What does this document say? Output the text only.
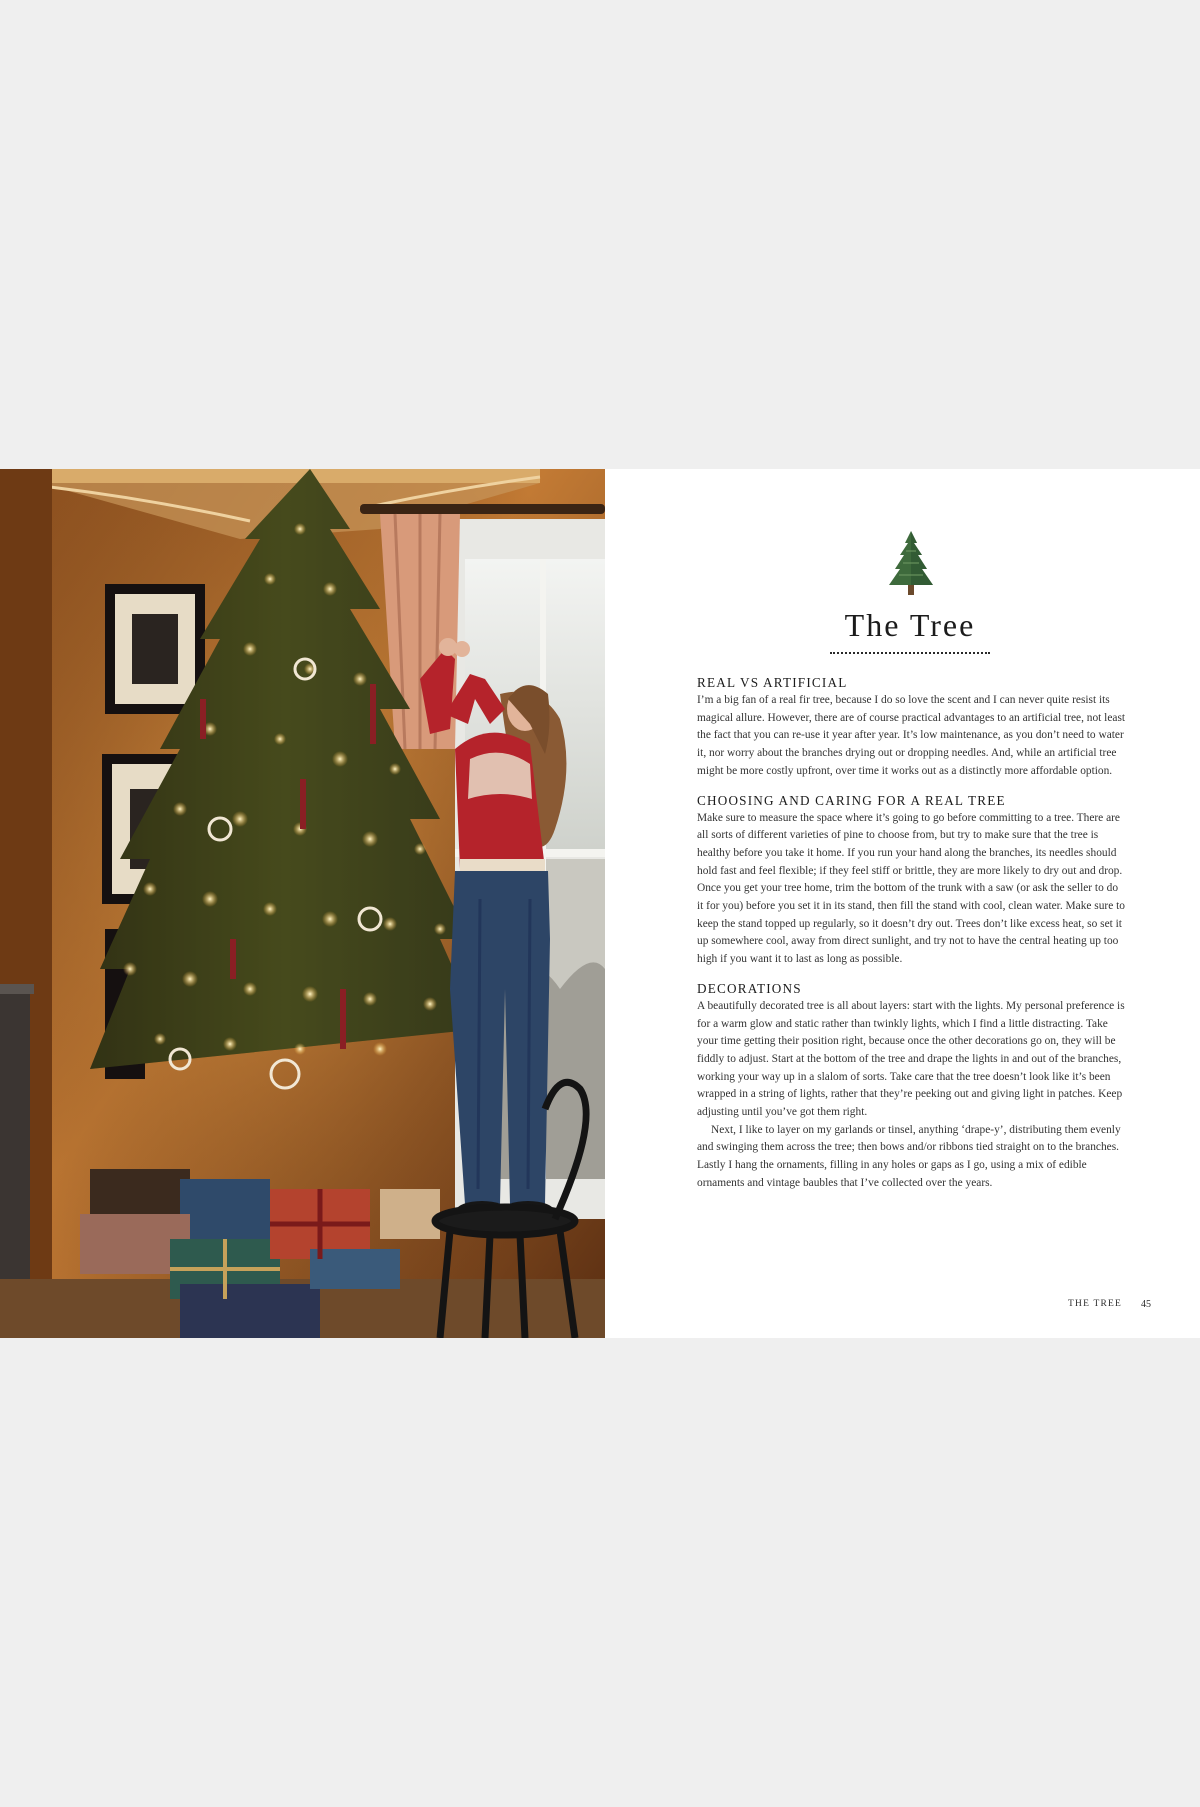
The Tree
REAL VS ARTIFICIAL

I’m a big fan of a real fir tree, because I do so love the scent and I can never quite resist its magical allure. However, there are of course practical advantages to an artificial tree, not least the fact that you can re-use it year after year. It’s low maintenance, as you don’t need to water it, nor worry about the branches drying out or dropping needles. And, while an artificial tree might be more costly upfront, over time it works out as a distinctly more affordable option.

CHOOSING AND CARING FOR A REAL TREE

Make sure to measure the space where it’s going to go before committing to a tree. There are all sorts of different varieties of pine to choose from, but try to make sure that the tree is healthy before you take it home. If you run your hand along the branches, its needles should hold fast and feel flexible; if they feel stiff or brittle, they are more likely to dry out and drop. Once you get your tree home, trim the bottom of the trunk with a saw (or ask the seller to do it for you) before you set it in its stand, then fill the stand with cool, clean water. Make sure to keep the stand topped up regularly, so it doesn’t dry out. Trees don’t like excess heat, so set it up somewhere cool, away from direct sunlight, and try not to have the central heating up too high if you want it to last as long as possible.

DECORATIONS

A beautifully decorated tree is all about layers: start with the lights. My personal preference is for a warm glow and static rather than twinkly lights, which I find a little distracting. Take your time getting their position right, because once the other decorations go on, they will be fiddly to adjust. Start at the bottom of the tree and drape the lights in and out of the branches, working your way up in a slalom of sorts. Take care that the tree doesn’t look like it’s been wrapped in a string of lights, rather that they’re peeking out and giving light in patches. Keep adjusting until you’ve got them right.

Next, I like to layer on my garlands or tinsel, anything ‘drape-y’, distributing them evenly and swinging them across the tree; then bows and/or ribbons tied straight on to the branches. Lastly I hang the ornaments, filling in any holes or gaps as I go, using a mix of edible ornaments and vintage baubles that I’ve collected over the years.

THE TREE 45
